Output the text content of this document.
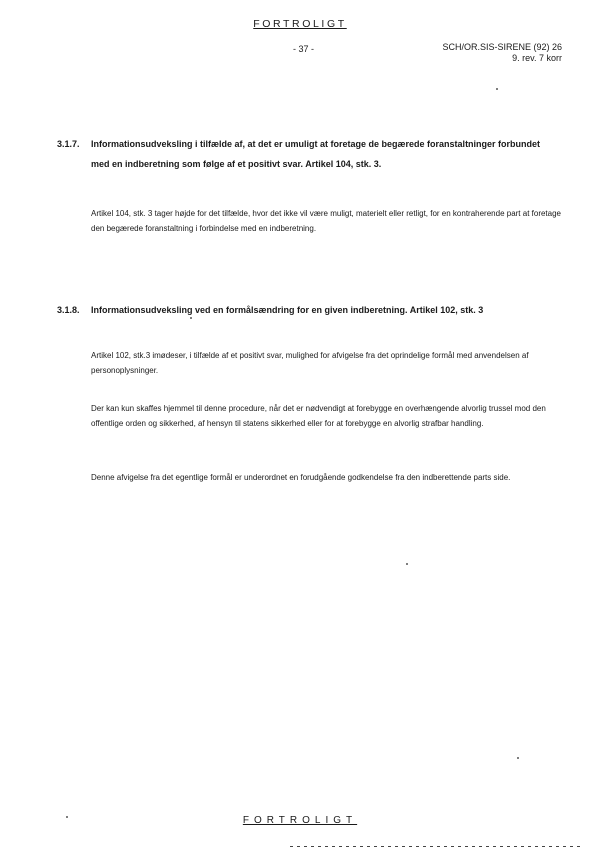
FORTROLIGT
- 37 -	SCH/OR.SIS-SIRENE (92) 26
9. rev. 7 korr
3.1.7. Informationsudveksling i tilfælde af, at det er umuligt at foretage de begærede foranstaltninger forbundet med en indberetning som følge af et positivt svar. Artikel 104, stk. 3.
Artikel 104, stk. 3 tager højde for det tilfælde, hvor det ikke vil være muligt, materielt eller retligt, for en kontraherende part at foretage den begærede foranstaltning i forbindelse med en indberetning.
3.1.8. Informationsudveksling ved en formålsændring for en given indberetning. Artikel 102, stk. 3
Artikel 102, stk.3 imødeser, i tilfælde af et positivt svar, mulighed for afvigelse fra det oprindelige formål med anvendelsen af personoplysninger.
Der kan kun skaffes hjemmel til denne procedure, når det er nødvendigt at forebygge en overhængende alvorlig trussel mod den offentlige orden og sikkerhed, af hensyn til statens sikkerhed eller for at forebygge en alvorlig strafbar handling.
Denne afvigelse fra det egentlige formål er underordnet en forudgående godkendelse fra den indberettende parts side.
FORTROLIGT
